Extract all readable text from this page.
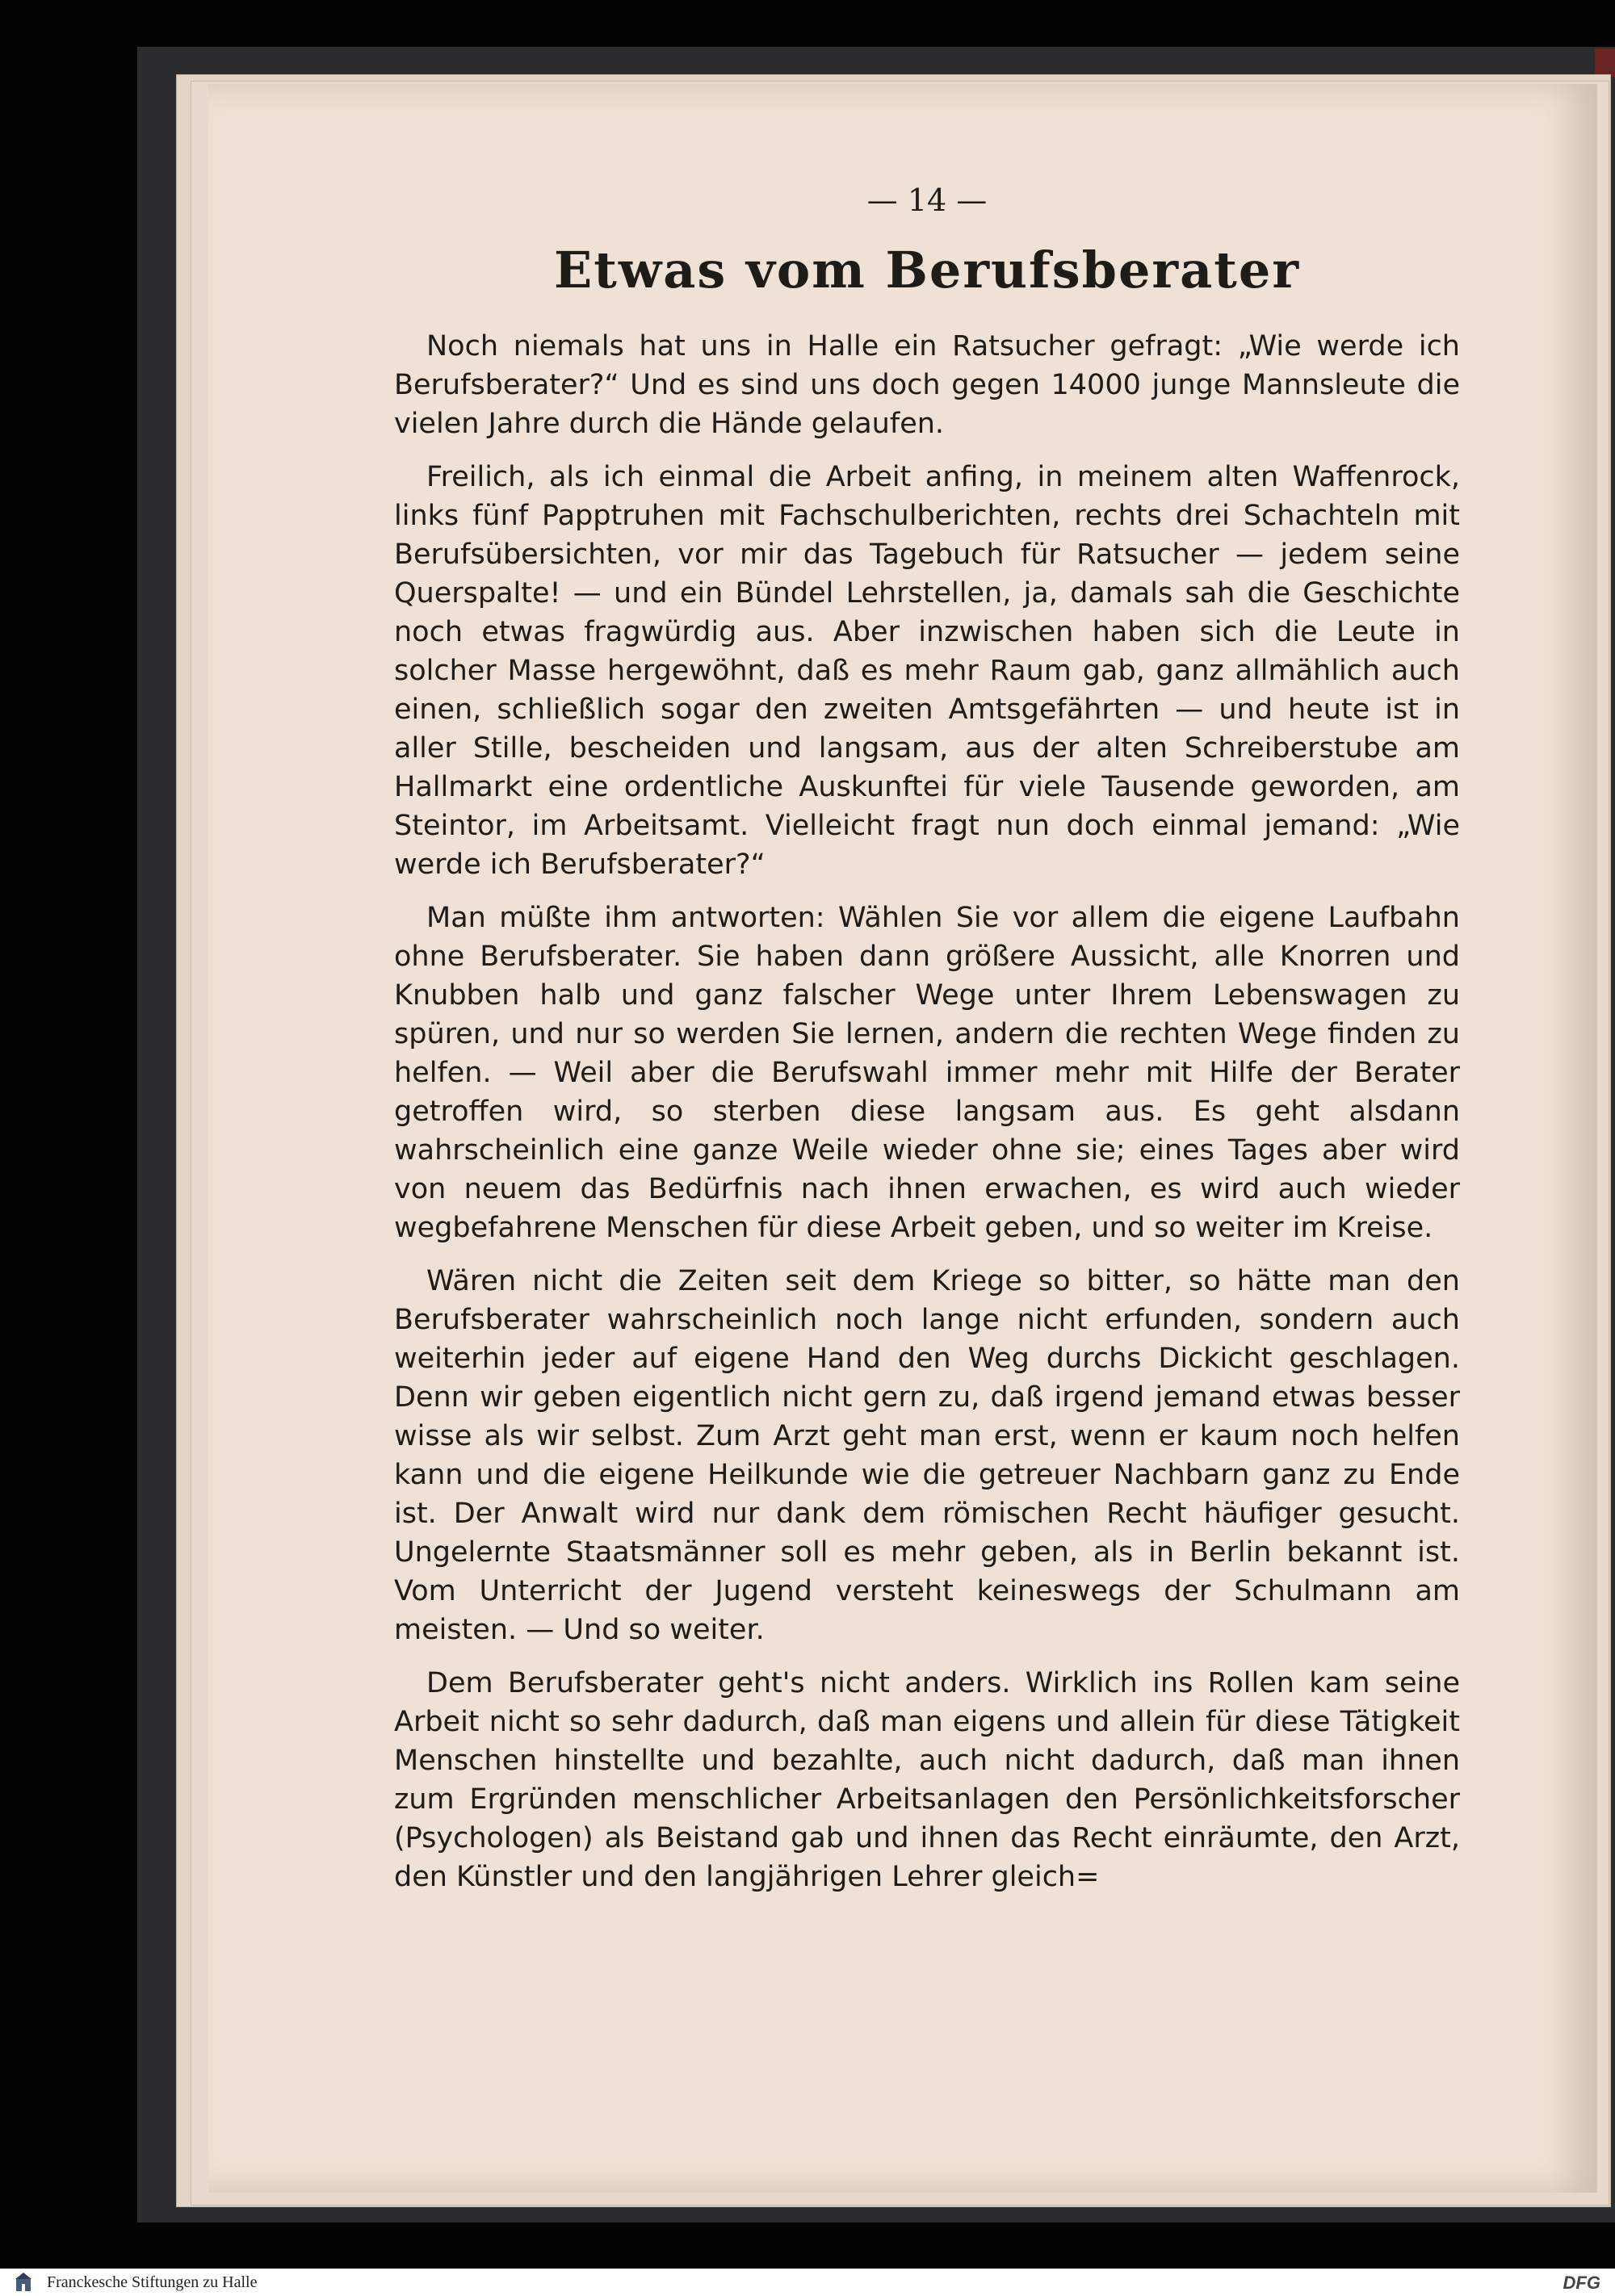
— 14 —

Etwas vom Berufsberater

Noch niemals hat uns in Halle ein Ratsucher gefragt: „Wie werde ich Berufsberater?“ Und es sind uns doch gegen 14000 junge Mannsleute die vielen Jahre durch die Hände gelaufen.

Freilich, als ich einmal die Arbeit anfing, in meinem alten Waffenrock, links fünf Papptruhen mit Fachschulberichten, rechts drei Schachteln mit Berufsübersichten, vor mir das Tagebuch für Ratsucher — jedem seine Querspalte! — und ein Bündel Lehrstellen, ja, damals sah die Geschichte noch etwas fragwürdig aus. Aber inzwischen haben sich die Leute in solcher Masse hergewöhnt, daß es mehr Raum gab, ganz allmählich auch einen, schließlich sogar den zweiten Amtsgefährten — und heute ist in aller Stille, bescheiden und langsam, aus der alten Schreiberstube am Hallmarkt eine ordentliche Auskunftei für viele Tausende geworden, am Steintor, im Arbeitsamt. Vielleicht fragt nun doch einmal jemand: „Wie werde ich Berufsberater?“

Man müßte ihm antworten: Wählen Sie vor allem die eigene Laufbahn ohne Berufsberater. Sie haben dann größere Aussicht, alle Knorren und Knubben halb und ganz falscher Wege unter Ihrem Lebenswagen zu spüren, und nur so werden Sie lernen, andern die rechten Wege finden zu helfen. — Weil aber die Berufswahl immer mehr mit Hilfe der Berater getroffen wird, so sterben diese langsam aus. Es geht alsdann wahrscheinlich eine ganze Weile wieder ohne sie; eines Tages aber wird von neuem das Bedürfnis nach ihnen erwachen, es wird auch wieder wegbefahrene Menschen für diese Arbeit geben, und so weiter im Kreise.

Wären nicht die Zeiten seit dem Kriege so bitter, so hätte man den Berufsberater wahrscheinlich noch lange nicht erfunden, sondern auch weiterhin jeder auf eigene Hand den Weg durchs Dickicht geschlagen. Denn wir geben eigentlich nicht gern zu, daß irgend jemand etwas besser wisse als wir selbst. Zum Arzt geht man erst, wenn er kaum noch helfen kann und die eigene Heilkunde wie die getreuer Nachbarn ganz zu Ende ist. Der Anwalt wird nur dank dem römischen Recht häufiger gesucht. Ungelernte Staatsmänner soll es mehr geben, als in Berlin bekannt ist. Vom Unterricht der Jugend versteht keineswegs der Schulmann am meisten. — Und so weiter.

Dem Berufsberater geht's nicht anders. Wirklich ins Rollen kam seine Arbeit nicht so sehr dadurch, daß man eigens und allein für diese Tätigkeit Menschen hinstellte und bezahlte, auch nicht dadurch, daß man ihnen zum Ergründen menschlicher Arbeitsanlagen den Persönlichkeitsforscher (Psychologen) als Beistand gab und ihnen das Recht einräumte, den Arzt, den Künstler und den langjährigen Lehrer gleich=

Franckesche Stiftungen zu Halle	DFG
